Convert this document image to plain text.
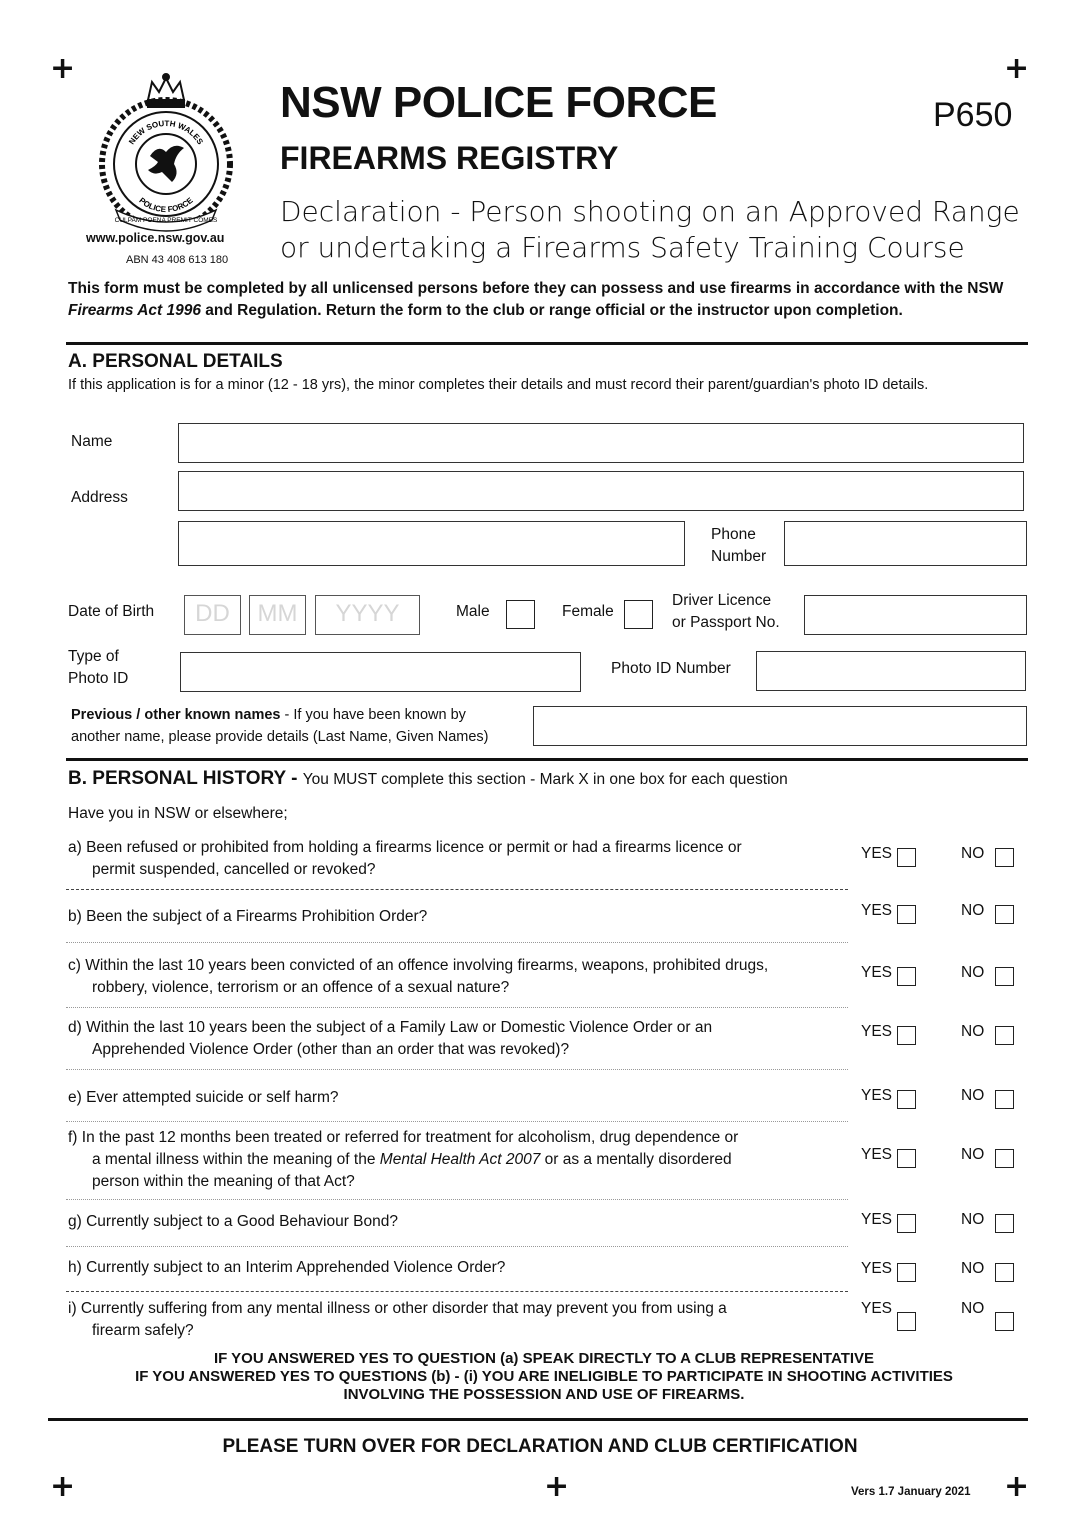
+	+
+	+	+
NEW SOUTH WALES
POLICE FORCE
CULPAM POENA PREMIT COMES
www.police.nsw.gov.au
ABN 43 408 613 180
NSW POLICE FORCE
FIREARMS REGISTRY
P650
Declaration - Person shooting on an Approved Range
or undertaking a Firearms Safety Training Course
This form must be completed by all unlicensed persons before they can possess and use firearms in accordance with the NSW Firearms Act 1996 and Regulation. Return the form to the club or range official or the instructor upon completion.
A. PERSONAL DETAILS
If this application is for a minor (12 - 18 yrs), the minor completes their details and must record their parent/guardian's photo ID details.
Name
Address
Phone
Number
Date of Birth	DD	MM	YYYY	Male	Female
Driver Licence
or Passport No.
Type of
Photo ID
Photo ID Number
Previous / other known names - If you have been known by
another name, please provide details (Last Name, Given Names)
B. PERSONAL HISTORY - You MUST complete this section - Mark X in one box for each question
Have you in NSW or elsewhere;
a) Been refused or prohibited from holding a firearms licence or permit or had a firearms licence or
permit suspended, cancelled or revoked?
YES	NO
b) Been the subject of a Firearms Prohibition Order?	YES	NO
c) Within the last 10 years been convicted of an offence involving firearms, weapons, prohibited drugs,
robbery, violence, terrorism or an offence of a sexual nature?
YES	NO
d) Within the last 10 years been the subject of a Family Law or Domestic Violence Order or an
Apprehended Violence Order (other than an order that was revoked)?
YES	NO
e) Ever attempted suicide or self harm?	YES	NO
f) In the past 12 months been treated or referred for treatment for alcoholism, drug dependence or
a mental illness within the meaning of the Mental Health Act 2007 or as a mentally disordered
person within the meaning of that Act?
YES	NO
g) Currently subject to a Good Behaviour Bond?	YES	NO
h) Currently subject to an Interim Apprehended Violence Order?	YES	NO
i) Currently suffering from any mental illness or other disorder that may prevent you from using a
firearm safely?
YES	NO
IF YOU ANSWERED YES TO QUESTION (a) SPEAK DIRECTLY TO A CLUB REPRESENTATIVE
IF YOU ANSWERED YES TO QUESTIONS (b) - (i) YOU ARE INELIGIBLE TO PARTICIPATE IN SHOOTING ACTIVITIES
INVOLVING THE POSSESSION AND USE OF FIREARMS.
PLEASE TURN OVER FOR DECLARATION AND CLUB CERTIFICATION
Vers 1.7 January 2021
